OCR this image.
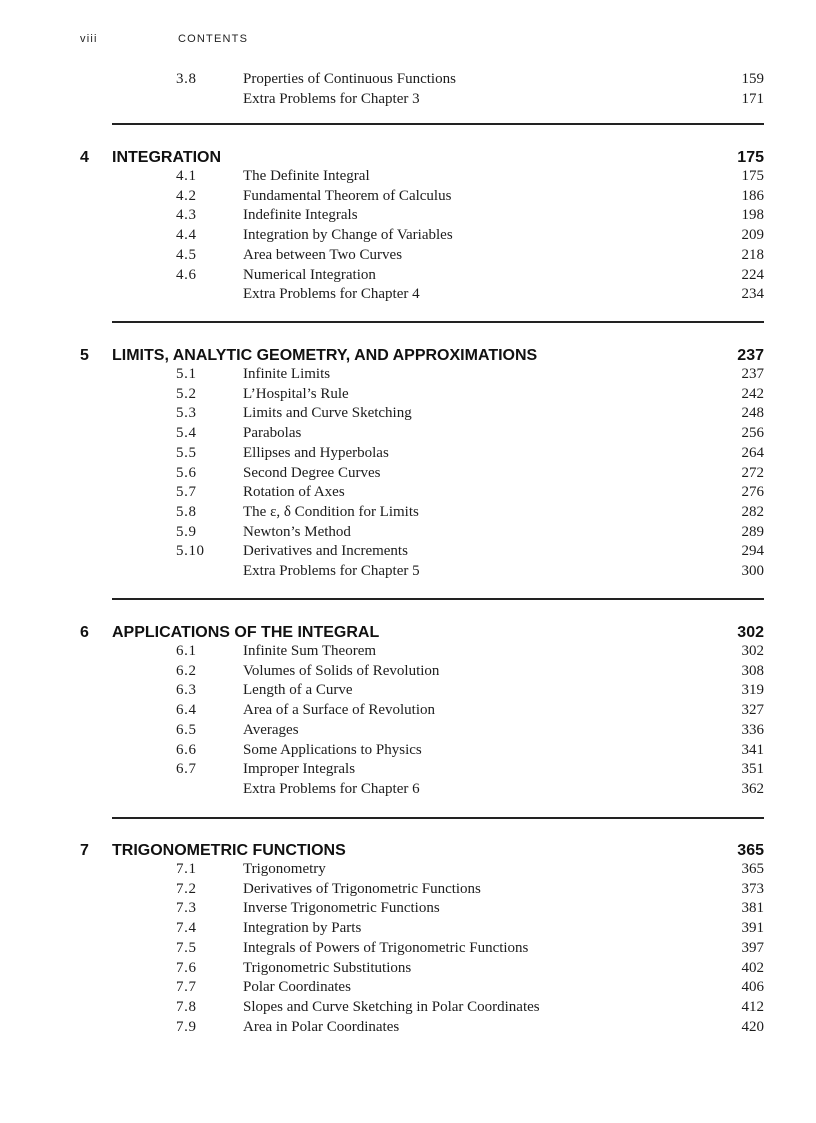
viii	CONTENTS
3.8	Properties of Continuous Functions	159
Extra Problems for Chapter 3	171
4 INTEGRATION	175
4.1	The Definite Integral	175
4.2	Fundamental Theorem of Calculus	186
4.3	Indefinite Integrals	198
4.4	Integration by Change of Variables	209
4.5	Area between Two Curves	218
4.6	Numerical Integration	224
Extra Problems for Chapter 4	234
5 LIMITS, ANALYTIC GEOMETRY, AND APPROXIMATIONS	237
5.1	Infinite Limits	237
5.2	L’Hospital’s Rule	242
5.3	Limits and Curve Sketching	248
5.4	Parabolas	256
5.5	Ellipses and Hyperbolas	264
5.6	Second Degree Curves	272
5.7	Rotation of Axes	276
5.8	The ε, δ Condition for Limits	282
5.9	Newton’s Method	289
5.10	Derivatives and Increments	294
Extra Problems for Chapter 5	300
6 APPLICATIONS OF THE INTEGRAL	302
6.1	Infinite Sum Theorem	302
6.2	Volumes of Solids of Revolution	308
6.3	Length of a Curve	319
6.4	Area of a Surface of Revolution	327
6.5	Averages	336
6.6	Some Applications to Physics	341
6.7	Improper Integrals	351
Extra Problems for Chapter 6	362
7 TRIGONOMETRIC FUNCTIONS	365
7.1	Trigonometry	365
7.2	Derivatives of Trigonometric Functions	373
7.3	Inverse Trigonometric Functions	381
7.4	Integration by Parts	391
7.5	Integrals of Powers of Trigonometric Functions	397
7.6	Trigonometric Substitutions	402
7.7	Polar Coordinates	406
7.8	Slopes and Curve Sketching in Polar Coordinates	412
7.9	Area in Polar Coordinates	420
